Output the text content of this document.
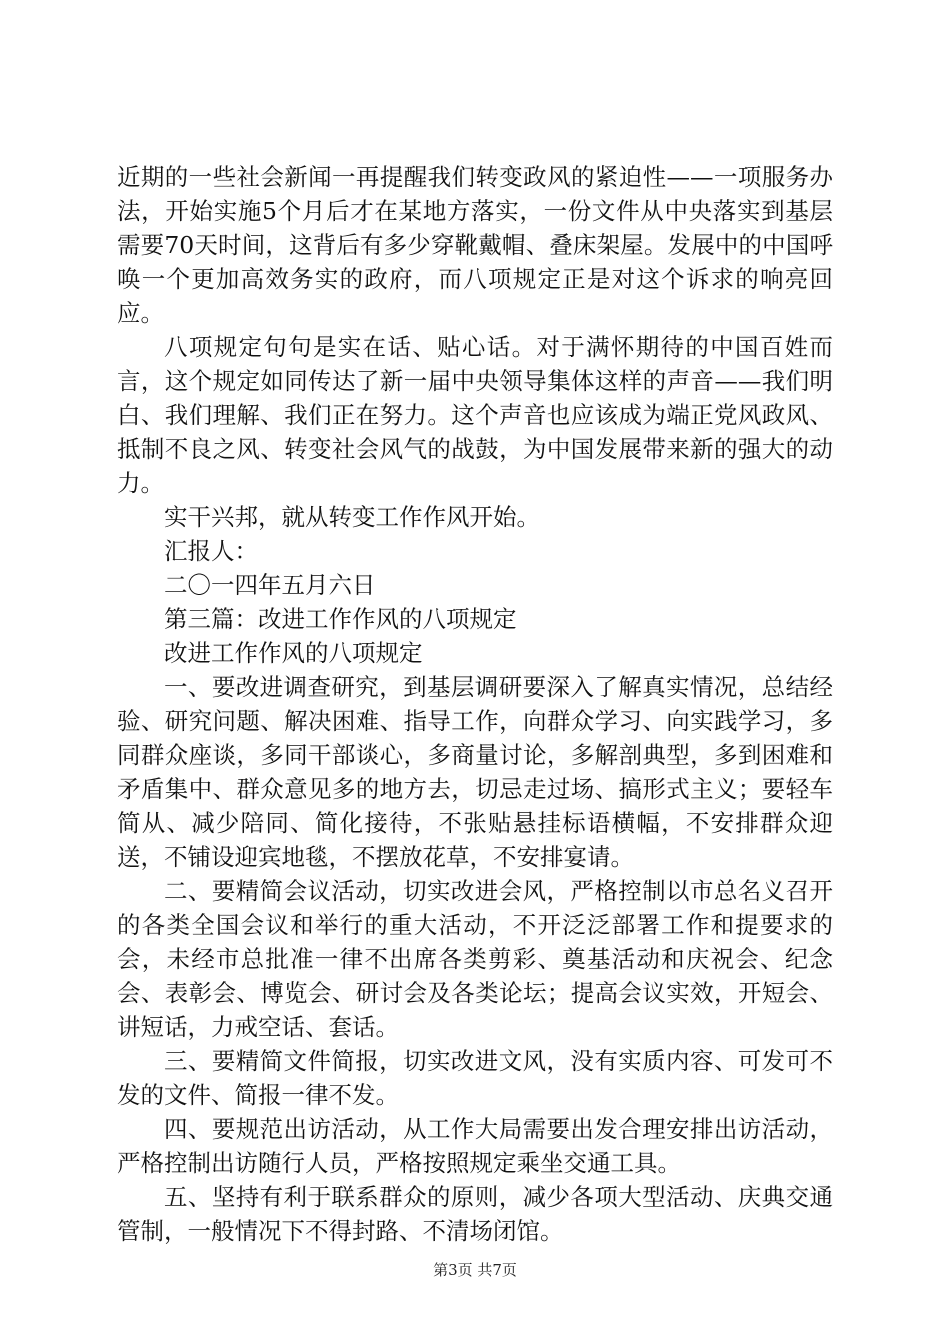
近期的一些社会新闻一再提醒我们转变政风的紧迫性——一项服务办法，开始实施5个月后才在某地方落实，一份文件从中央落实到基层需要70天时间，这背后有多少穿靴戴帽、叠床架屋。发展中的中国呼唤一个更加高效务实的政府，而八项规定正是对这个诉求的响亮回应。

八项规定句句是实在话、贴心话。对于满怀期待的中国百姓而言，这个规定如同传达了新一届中央领导集体这样的声音——我们明白、我们理解、我们正在努力。这个声音也应该成为端正党风政风、抵制不良之风、转变社会风气的战鼓，为中国发展带来新的强大的动力。

实干兴邦，就从转变工作作风开始。

汇报人：

二〇一四年五月六日

第三篇：改进工作作风的八项规定

改进工作作风的八项规定

一、要改进调查研究，到基层调研要深入了解真实情况，总结经验、研究问题、解决困难、指导工作，向群众学习、向实践学习，多同群众座谈，多同干部谈心，多商量讨论，多解剖典型，多到困难和矛盾集中、群众意见多的地方去，切忌走过场、搞形式主义；要轻车简从、减少陪同、简化接待，不张贴悬挂标语横幅，不安排群众迎送，不铺设迎宾地毯，不摆放花草，不安排宴请。

二、要精简会议活动，切实改进会风，严格控制以市总名义召开的各类全国会议和举行的重大活动，不开泛泛部署工作和提要求的会，未经市总批准一律不出席各类剪彩、奠基活动和庆祝会、纪念会、表彰会、博览会、研讨会及各类论坛；提高会议实效，开短会、讲短话，力戒空话、套话。

三、要精简文件简报，切实改进文风，没有实质内容、可发可不发的文件、简报一律不发。

四、要规范出访活动，从工作大局需要出发合理安排出访活动，严格控制出访随行人员，严格按照规定乘坐交通工具。

五、坚持有利于联系群众的原则，减少各项大型活动、庆典交通管制，一般情况下不得封路、不清场闭馆。

第3页 共7页
